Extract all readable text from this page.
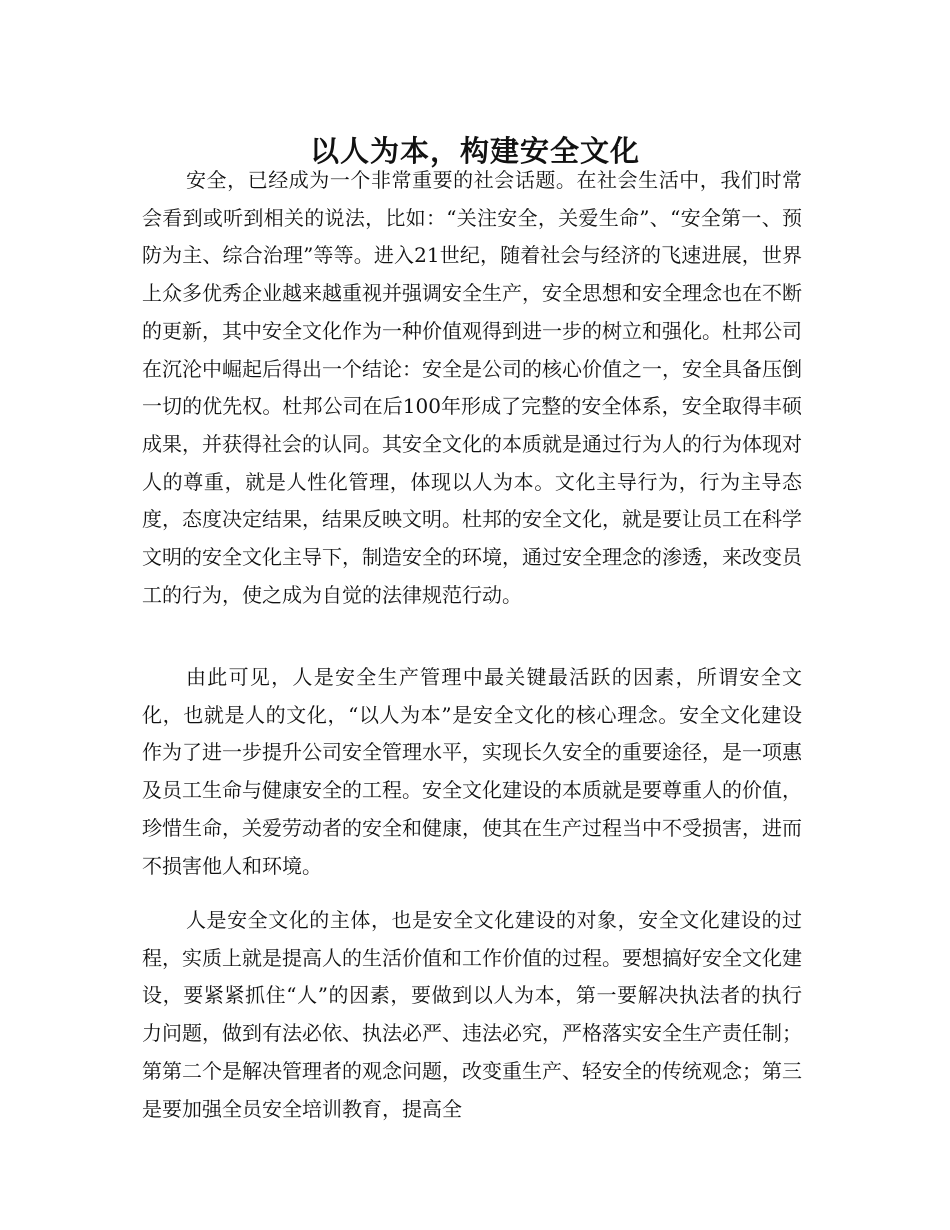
以人为本，构建安全文化

安全，已经成为一个非常重要的社会话题。在社会生活中，我们时常会看到或听到相关的说法，比如：“关注安全，关爱生命”、“安全第一、预防为主、综合治理”等等。进入21世纪，随着社会与经济的飞速进展，世界上众多优秀企业越来越重视并强调安全生产，安全思想和安全理念也在不断的更新，其中安全文化作为一种价值观得到进一步的树立和强化。杜邦公司在沉沦中崛起后得出一个结论：安全是公司的核心价值之一，安全具备压倒一切的优先权。杜邦公司在后100年形成了完整的安全体系，安全取得丰硕成果，并获得社会的认同。其安全文化的本质就是通过行为人的行为体现对人的尊重，就是人性化管理，体现以人为本。文化主导行为，行为主导态度，态度决定结果，结果反映文明。杜邦的安全文化，就是要让员工在科学文明的安全文化主导下，制造安全的环境，通过安全理念的渗透，来改变员工的行为，使之成为自觉的法律规范行动。

由此可见，人是安全生产管理中最关键最活跃的因素，所谓安全文化，也就是人的文化，“以人为本”是安全文化的核心理念。安全文化建设作为了进一步提升公司安全管理水平，实现长久安全的重要途径，是一项惠及员工生命与健康安全的工程。安全文化建设的本质就是要尊重人的价值，珍惜生命，关爱劳动者的安全和健康，使其在生产过程当中不受损害，进而不损害他人和环境。

人是安全文化的主体，也是安全文化建设的对象，安全文化建设的过程，实质上就是提高人的生活价值和工作价值的过程。要想搞好安全文化建设，要紧紧抓住“人”的因素，要做到以人为本，第一要解决执法者的执行力问题，做到有法必依、执法必严、违法必究，严格落实安全生产责任制；第第二个是解决管理者的观念问题，改变重生产、轻安全的传统观念；第三是要加强全员安全培训教育，提高全
